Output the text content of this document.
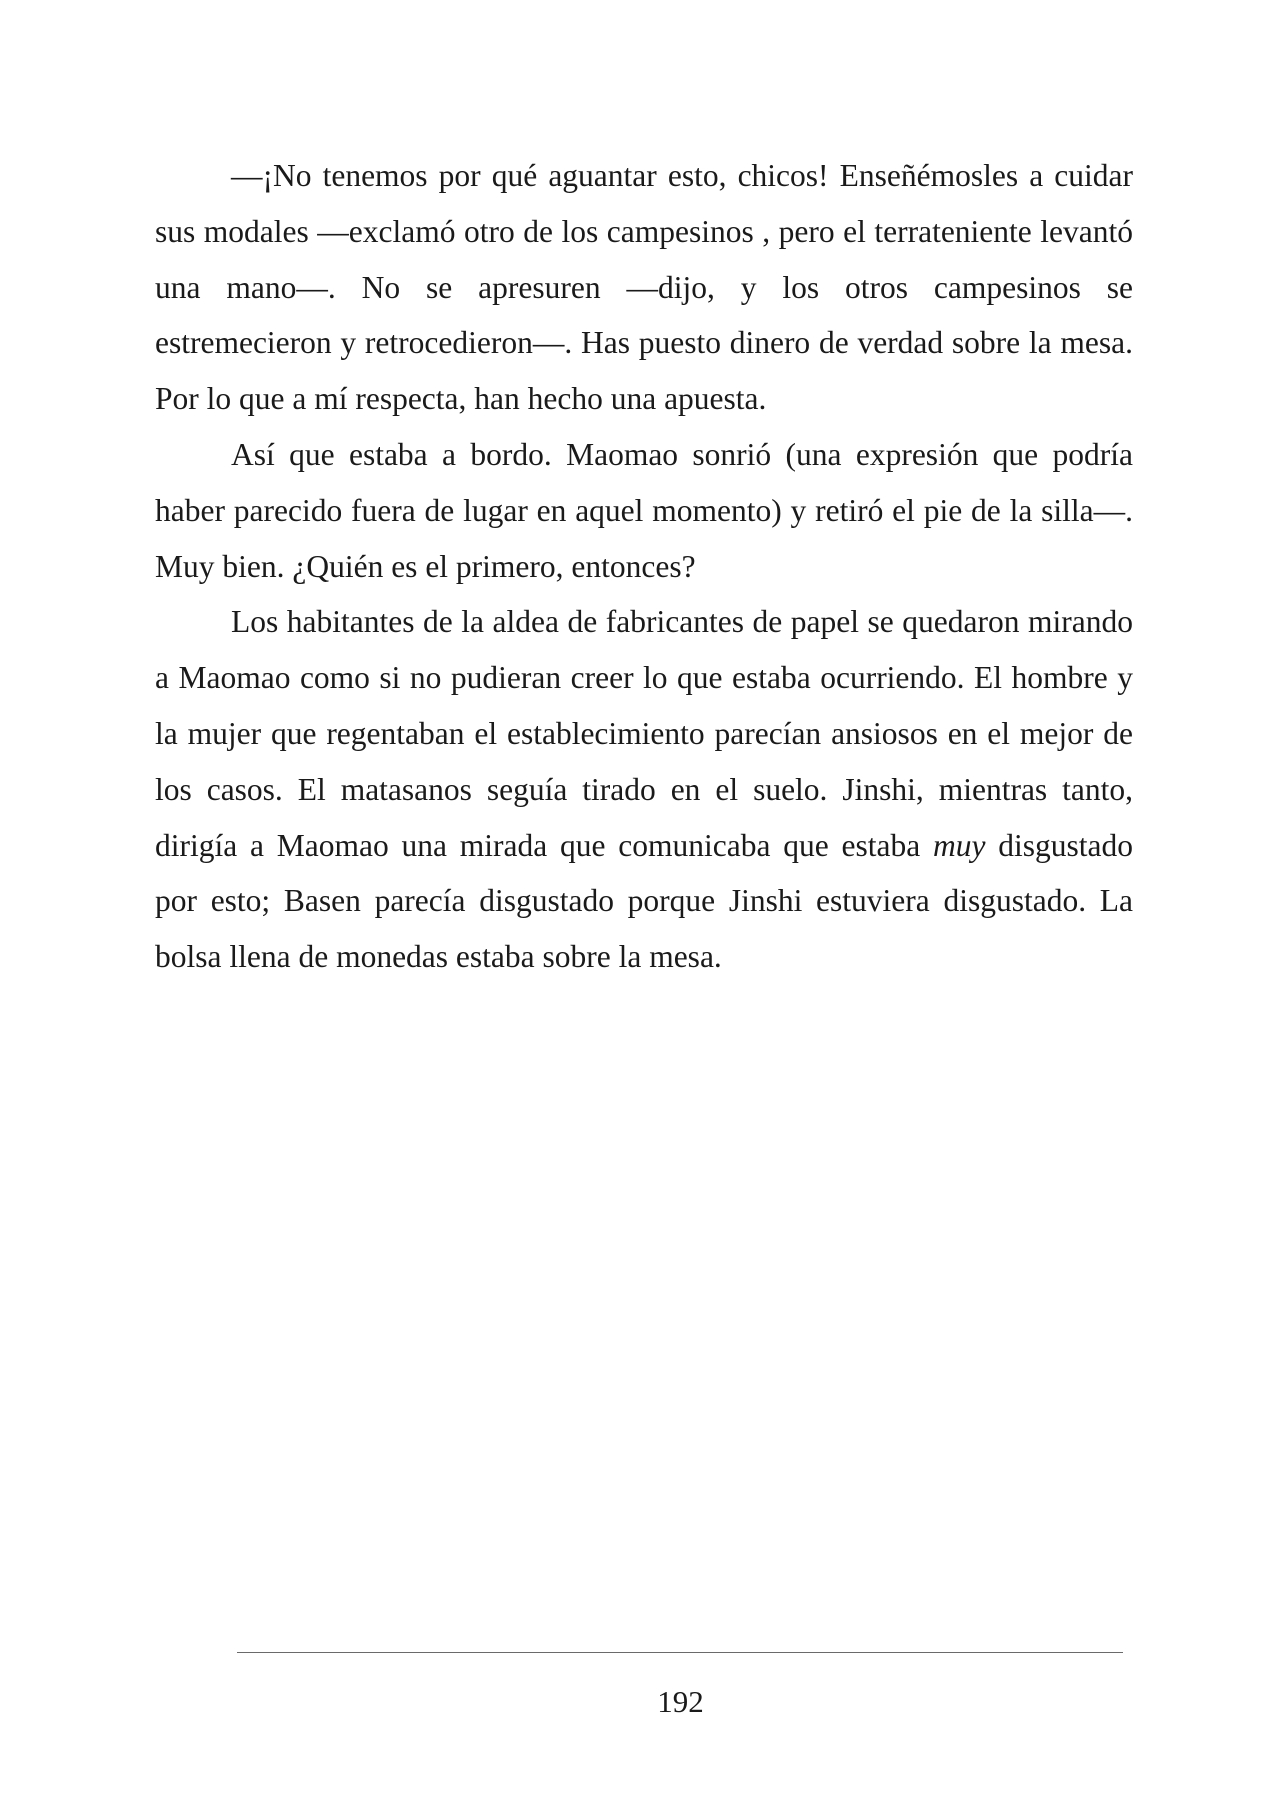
—¡No tenemos por qué aguantar esto, chicos! Enseñémosles a cuidar sus modales —exclamó otro de los campesinos , pero el terrateniente levantó una mano—. No se apresuren —dijo, y los otros campesinos se estremecieron y retrocedieron—. Has puesto dinero de verdad sobre la mesa. Por lo que a mí respecta, han hecho una apuesta.

Así que estaba a bordo. Maomao sonrió (una expresión que podría haber parecido fuera de lugar en aquel momento) y retiró el pie de la silla—. Muy bien. ¿Quién es el primero, entonces?

Los habitantes de la aldea de fabricantes de papel se quedaron mirando a Maomao como si no pudieran creer lo que estaba ocurriendo. El hombre y la mujer que regentaban el establecimiento parecían ansiosos en el mejor de los casos. El matasanos seguía tirado en el suelo. Jinshi, mientras tanto, dirigía a Maomao una mirada que comunicaba que estaba muy disgustado por esto; Basen parecía disgustado porque Jinshi estuviera disgustado. La bolsa llena de monedas estaba sobre la mesa.

192
